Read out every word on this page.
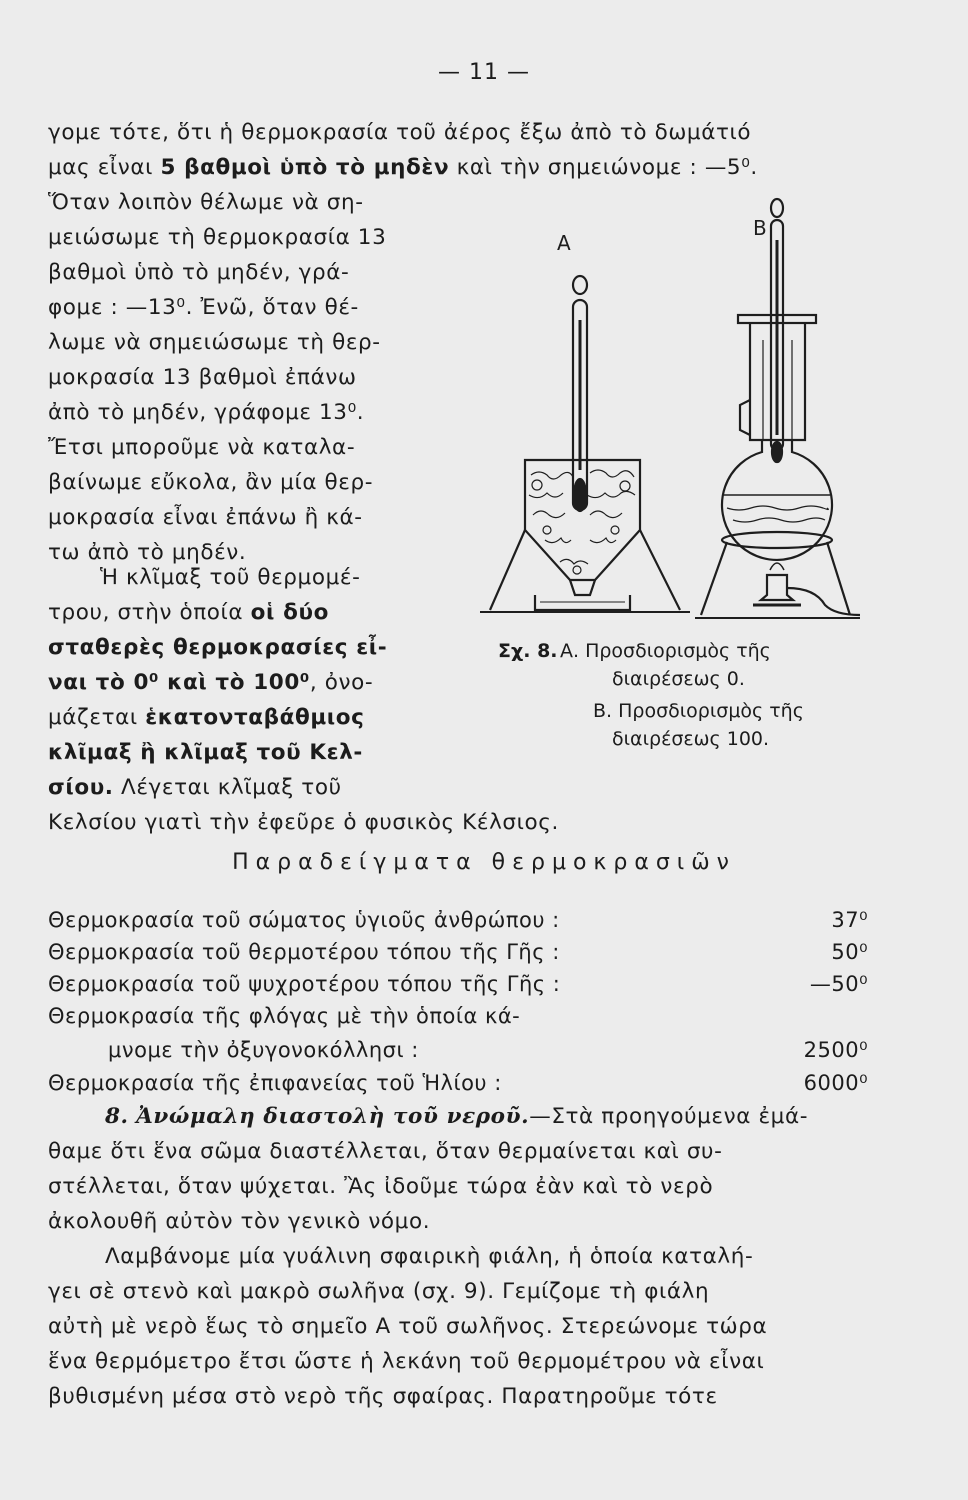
— 11 —
γομε τότε, ὅτι ἡ θερμοκρασία τοῦ ἀέρος ἔξω ἀπὸ τὸ δωμάτιό
μας εἶναι 5 βαθμοὶ ὑπὸ τὸ μηδὲν καὶ τὴν σημειώνομε : —5⁰.
Ὅταν λοιπὸν θέλωμε νὰ ση-
μειώσωμε τὴ θερμοκρασία 13
βαθμοὶ ὑπὸ τὸ μηδέν, γρά-
φομε : —13⁰. Ἐνῶ, ὅταν θέ-
λωμε νὰ σημειώσωμε τὴ θερ-
μοκρασία 13 βαθμοὶ ἐπάνω
ἀπὸ τὸ μηδέν, γράφομε 13⁰.
Ἔτσι μποροῦμε νὰ καταλα-
βαίνωμε εὔκολα, ἂν μία θερ-
μοκρασία εἶναι ἐπάνω ἢ κά-
τω ἀπὸ τὸ μηδέν.
Ἡ κλῖμαξ τοῦ θερμομέ-
τρου, στὴν ὁποία οἱ δύο
σταθερὲς θερμοκρασίες εἶ-
ναι τὸ 0⁰ καὶ τὸ 100⁰, ὀνο-
μάζεται ἑκατονταβάθμιος
κλῖμαξ ἢ κλῖμαξ τοῦ Κελ-
σίου. Λέγεται κλῖμαξ τοῦ
Κελσίου γιατὶ τὴν ἐφεῦρε ὁ φυσικὸς Κέλσιος.
Α
Β
Σχ. 8. Α. Προσδιορισμὸς τῆς
διαιρέσεως 0.
Β. Προσδιορισμὸς τῆς
διαιρέσεως 100.
Παραδείγματα θερμοκρασιῶν
Θερμοκρασία τοῦ σώματος ὑγιοῦς ἀνθρώπου :	37⁰
Θερμοκρασία τοῦ θερμοτέρου τόπου τῆς Γῆς :	50⁰
Θερμοκρασία τοῦ ψυχροτέρου τόπου τῆς Γῆς :	—50⁰
Θερμοκρασία τῆς φλόγας μὲ τὴν ὁποία κά-
μνομε τὴν ὀξυγονοκόλλησι :	2500⁰
Θερμοκρασία τῆς ἐπιφανείας τοῦ Ἡλίου :	6000⁰
8. Ἀνώμαλη διαστολὴ τοῦ νεροῦ.—Στὰ προηγούμενα ἐμά-
θαμε ὅτι ἕνα σῶμα διαστέλλεται, ὅταν θερμαίνεται καὶ συ-
στέλλεται, ὅταν ψύχεται. Ἂς ἰδοῦμε τώρα ἐὰν καὶ τὸ νερὸ
ἀκολουθῆ αὐτὸν τὸν γενικὸ νόμο.
Λαμβάνομε μία γυάλινη σφαιρικὴ φιάλη, ἡ ὁποία καταλή-
γει σὲ στενὸ καὶ μακρὸ σωλῆνα (σχ. 9). Γεμίζομε τὴ φιάλη
αὐτὴ μὲ νερὸ ἕως τὸ σημεῖο Α τοῦ σωλῆνος. Στερεώνομε τώρα
ἕνα θερμόμετρο ἔτσι ὥστε ἡ λεκάνη τοῦ θερμομέτρου νὰ εἶναι
βυθισμένη μέσα στὸ νερὸ τῆς σφαίρας. Παρατηροῦμε τότε
